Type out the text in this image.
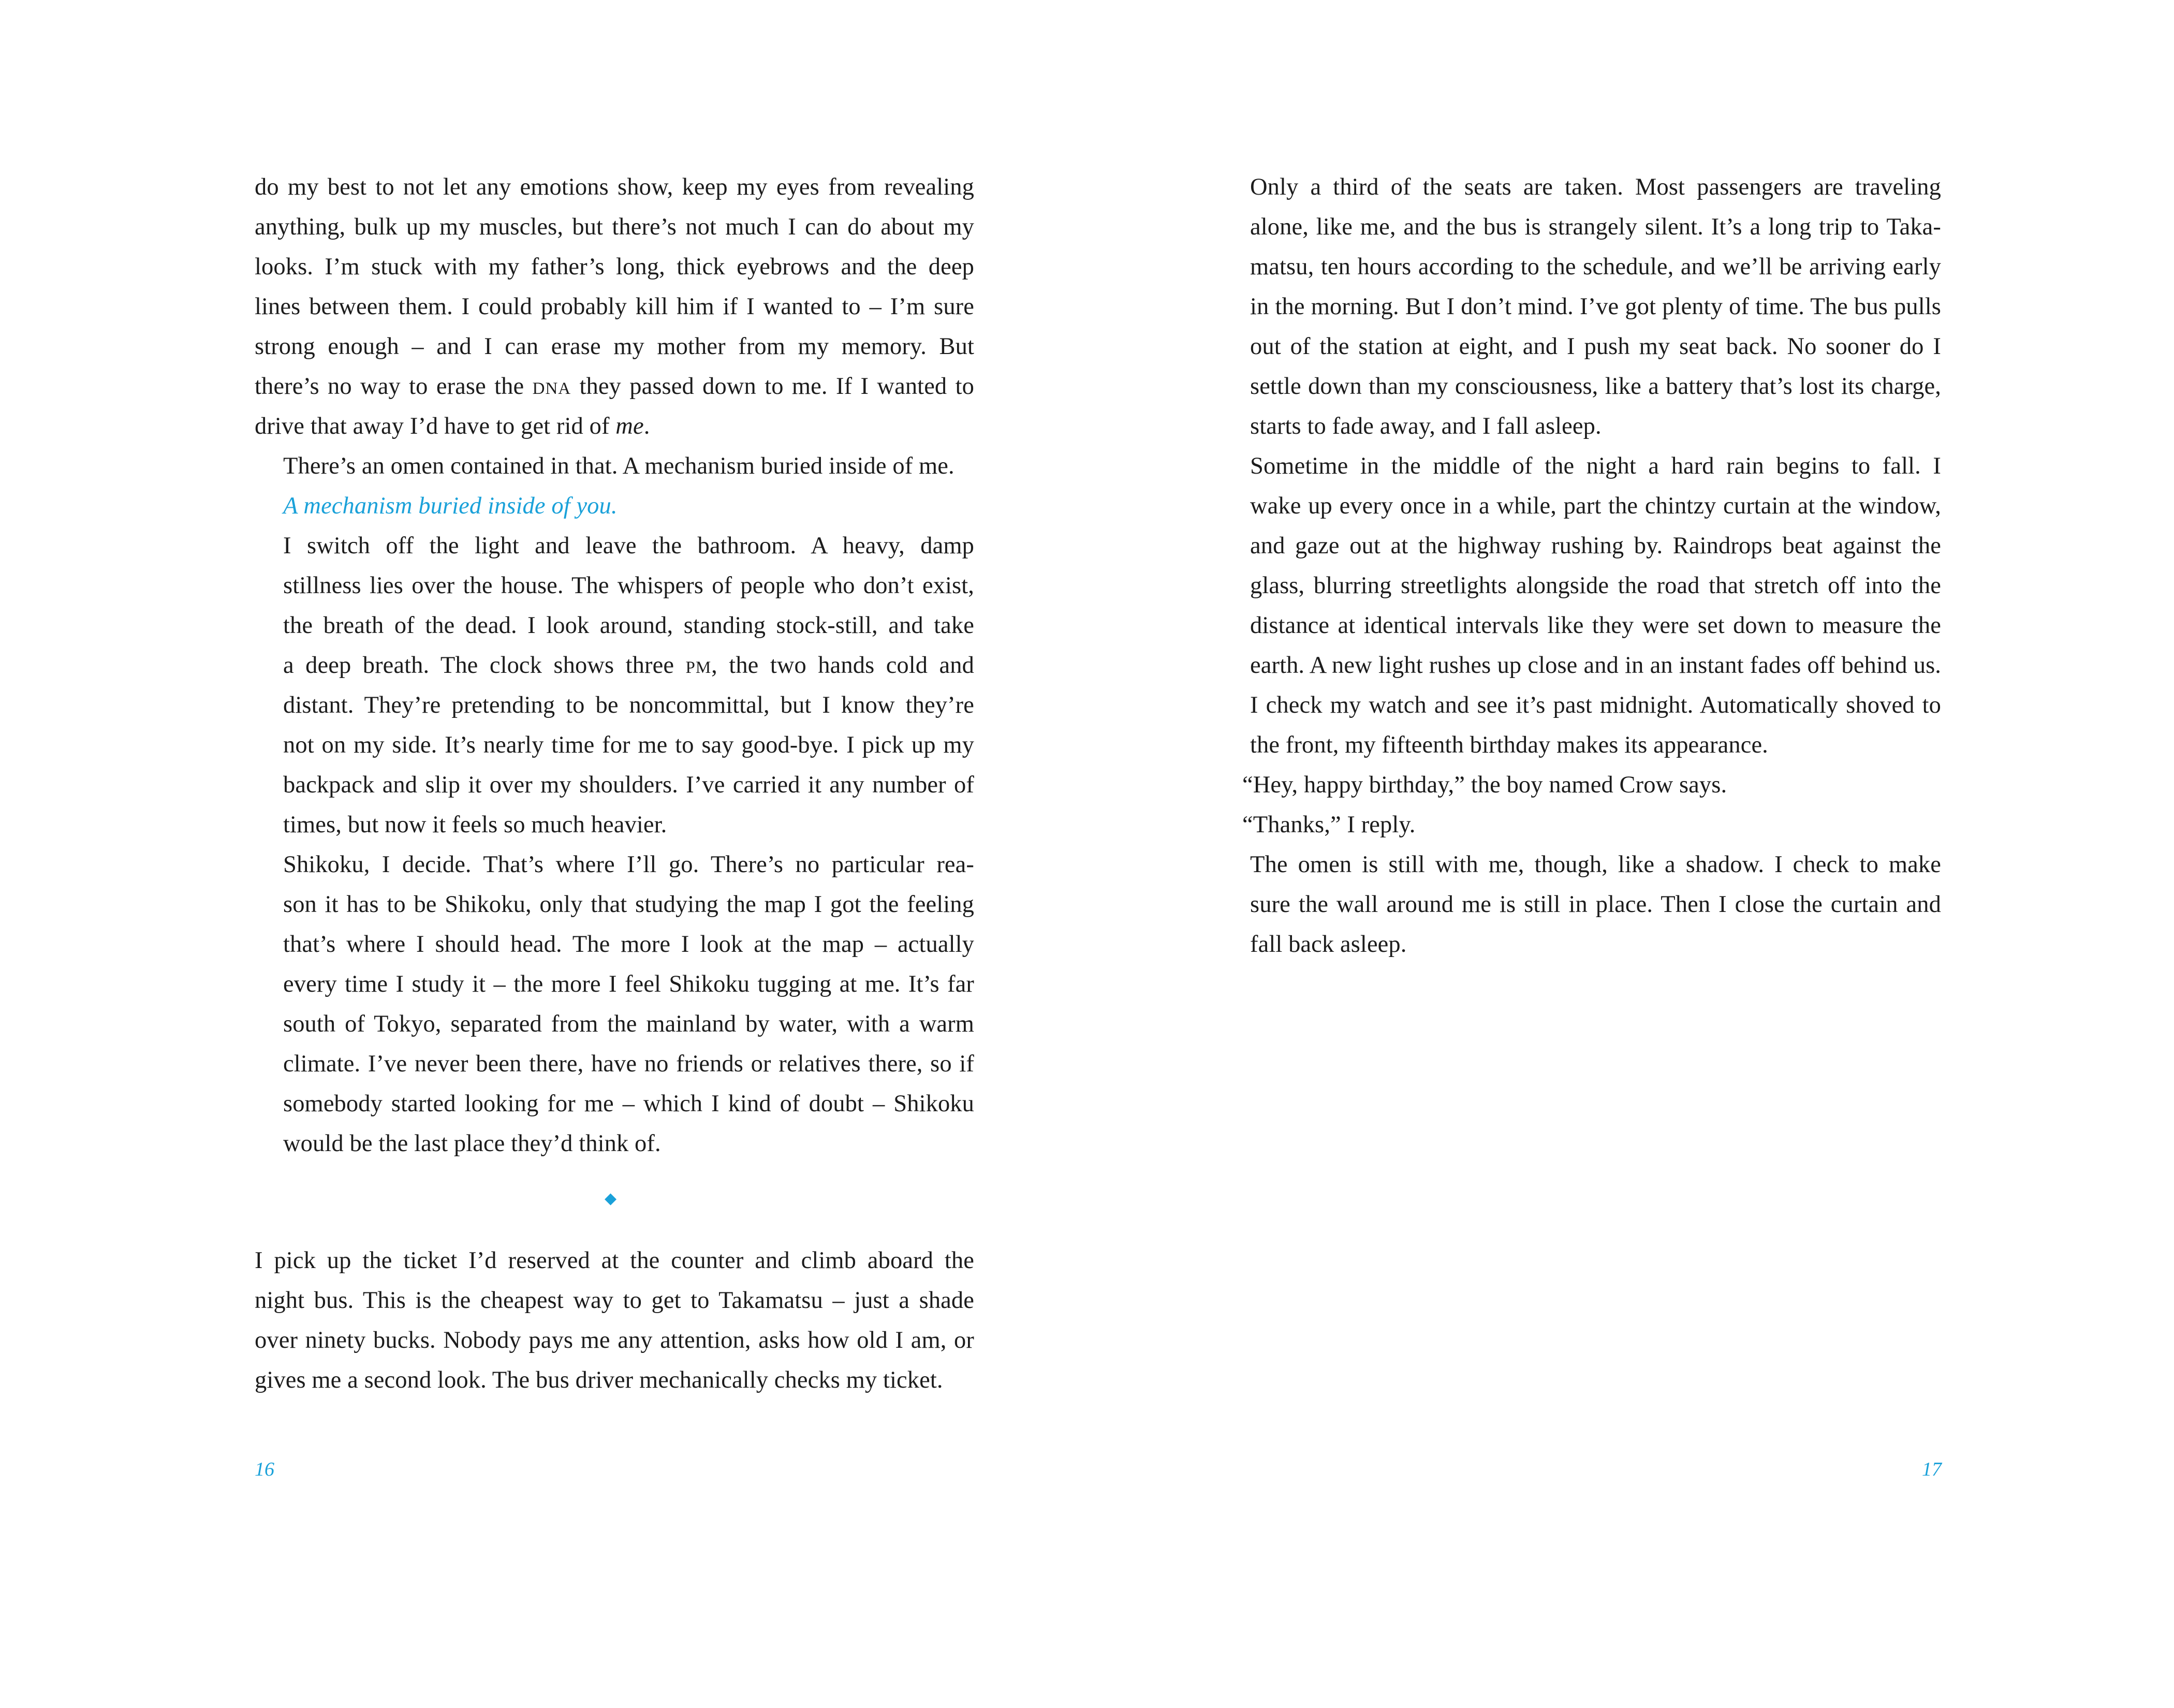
do my best to not let any emotions show, keep my eyes from revealing
anything, bulk up my muscles, but there’s not much I can do about my
looks. I’m stuck with my father’s long, thick eyebrows and the deep
lines between them. I could probably kill him if I wanted to – I’m sure
strong enough – and I can erase my mother from my memory. But
there’s no way to erase the dna they passed down to me. If I wanted to
drive that away I’d have to get rid of me.
There’s an omen contained in that. A mechanism buried inside of me.
A mechanism buried inside of you.
I switch off the light and leave the bathroom. A heavy, damp
stillness lies over the house. The whispers of people who don’t exist,
the breath of the dead. I look around, standing stock-still, and take
a deep breath. The clock shows three pm, the two hands cold and
distant. They’re pretending to be noncommittal, but I know they’re
not on my side. It’s nearly time for me to say good-bye. I pick up my
backpack and slip it over my shoulders. I’ve carried it any number of
times, but now it feels so much heavier.
Shikoku, I decide. That’s where I’ll go. There’s no particular rea-
son it has to be Shikoku, only that studying the map I got the feeling
that’s where I should head. The more I look at the map – actually
every time I study it – the more I feel Shikoku tugging at me. It’s far
south of Tokyo, separated from the mainland by water, with a warm
climate. I’ve never been there, have no friends or relatives there, so if
somebody started looking for me – which I kind of doubt – Shikoku
would be the last place they’d think of.
◆
I pick up the ticket I’d reserved at the counter and climb aboard the
night bus. This is the cheapest way to get to Takamatsu – just a shade
over ninety bucks. Nobody pays me any attention, asks how old I am, or
gives me a second look. The bus driver mechanically checks my ticket.
16
Only a third of the seats are taken. Most passengers are traveling
alone, like me, and the bus is strangely silent. It’s a long trip to Taka-
matsu, ten hours according to the schedule, and we’ll be arriving early
in the morning. But I don’t mind. I’ve got plenty of time. The bus pulls
out of the station at eight, and I push my seat back. No sooner do I
settle down than my consciousness, like a battery that’s lost its charge,
starts to fade away, and I fall asleep.
Sometime in the middle of the night a hard rain begins to fall. I
wake up every once in a while, part the chintzy curtain at the window,
and gaze out at the highway rushing by. Raindrops beat against the
glass, blurring streetlights alongside the road that stretch off into the
distance at identical intervals like they were set down to measure the
earth. A new light rushes up close and in an instant fades off behind us.
I check my watch and see it’s past midnight. Automatically shoved to
the front, my fifteenth birthday makes its appearance.
“Hey, happy birthday,” the boy named Crow says.
“Thanks,” I reply.
The omen is still with me, though, like a shadow. I check to make
sure the wall around me is still in place. Then I close the curtain and
fall back asleep.
17
